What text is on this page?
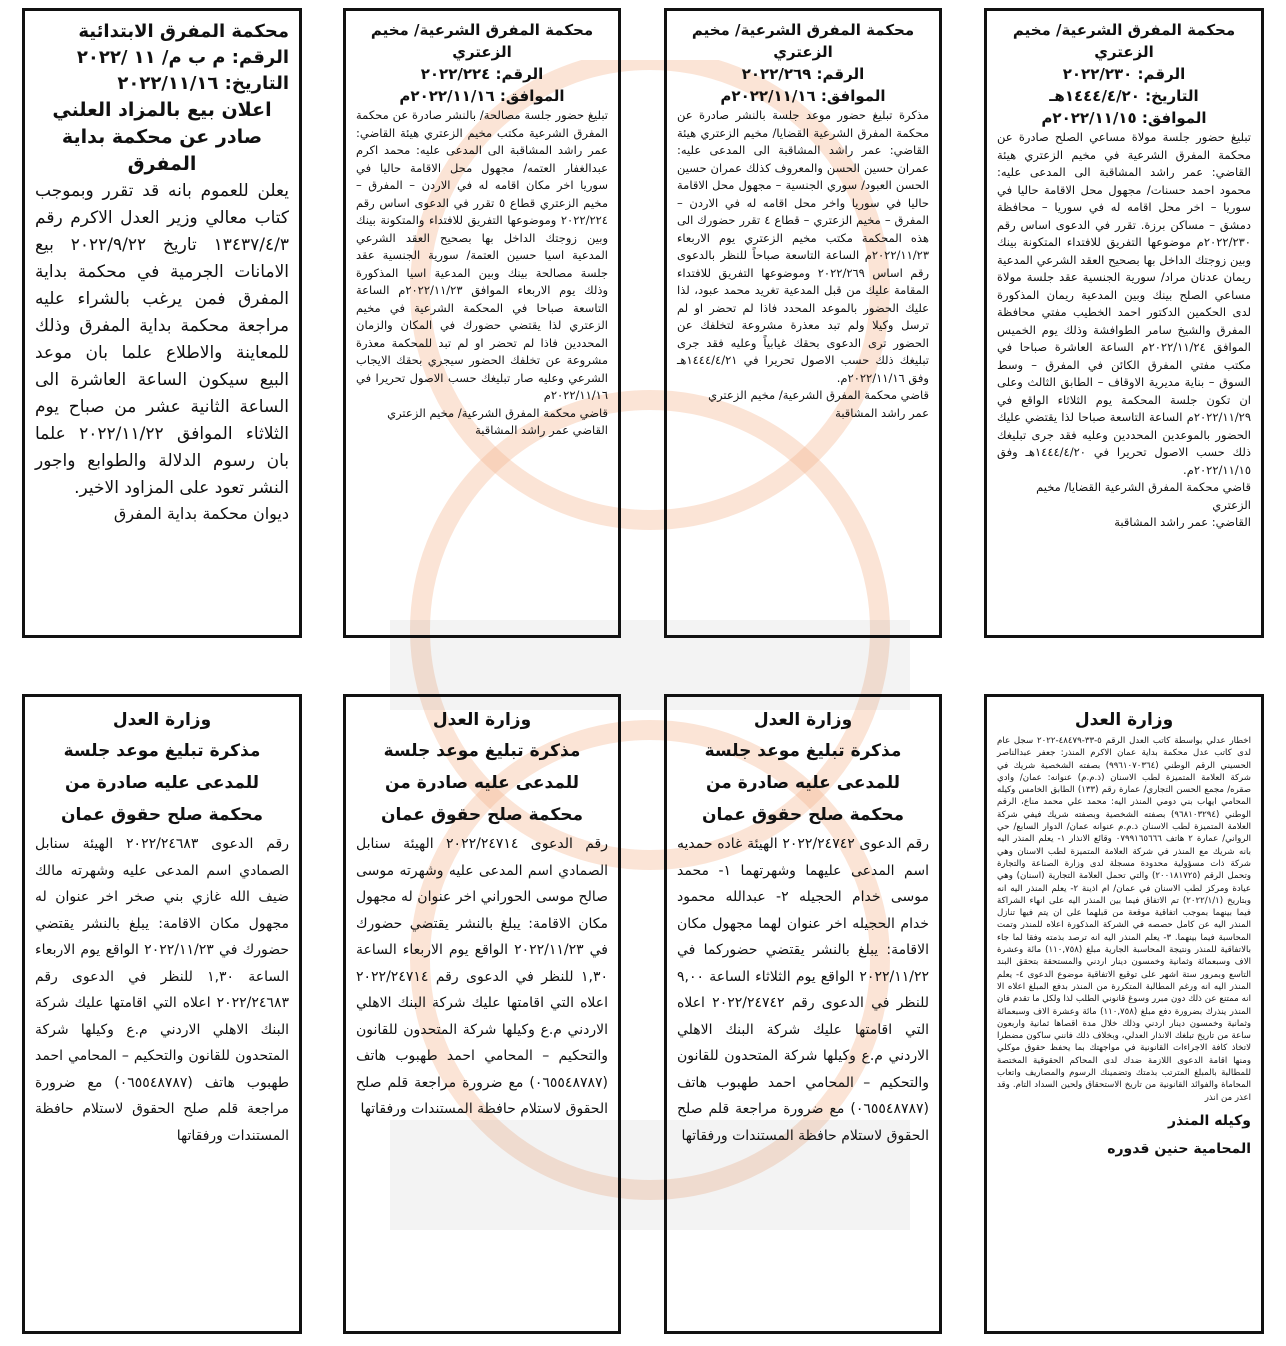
محكمة المفرق الابتدائية

الرقم: م ب م/ ١١ /٢٠٢٢

التاريخ: ٢٠٢٢/١١/١٦

اعلان بيع بالمزاد العلني

صادر عن محكمة بداية المفرق

يعلن للعموم بانه قد تقرر وبموجب كتاب معالي وزير العدل الاكرم رقم ١٣٤٣٧/٤/٣ تاريخ ٢٠٢٢/٩/٢٢ بيع الامانات الجرمية في محكمة بداية المفرق فمن يرغب بالشراء عليه مراجعة محكمة بداية المفرق وذلك للمعاينة والاطلاع علما بان موعد البيع سيكون الساعة العاشرة الى الساعة الثانية عشر من صباح يوم الثلاثاء الموافق ٢٠٢٢/١١/٢٢ علما بان رسوم الدلالة والطوابع واجور النشر تعود على المزاود الاخير.

ديوان محكمة بداية المفرق

محكمة المفرق الشرعية/ مخيم الزعتري

الرقم: ٢٠٢٢/٢٢٤

الموافق: ٢٠٢٢/١١/١٦م

تبليغ حضور جلسة مصالحة/ بالنشر صادرة عن محكمة المفرق الشرعية مكتب مخيم الزعتري هيئة القاضي: عمر راشد المشاقبة الى المدعى عليه: محمد اكرم عبدالغفار العتمه/ مجهول محل الاقامة حاليا في سوريا اخر مكان اقامه له في الاردن – المفرق – مخيم الزعتري قطاع ٥ تقرر في الدعوى اساس رقم ٢٠٢٢/٢٢٤ وموضوعها التفريق للافتداء والمتكونة بينك وبين زوجتك الداخل بها بصحيح العقد الشرعي المدعية اسيا حسين العتمة/ سورية الجنسية عقد جلسة مصالحة بينك وبين المدعية اسيا المذكورة وذلك يوم الاربعاء الموافق ٢٠٢٢/١١/٢٣م الساعة التاسعة صباحا في المحكمة الشرعية في مخيم الزعتري لذا يقتضي حضورك في المكان والزمان المحددين فاذا لم تحضر او لم تبد للمحكمة معذرة مشروعة عن تخلفك الحضور سيجري بحقك الايجاب الشرعي وعليه صار تبليغك حسب الاصول تحريرا في ٢٠٢٢/١١/١٦م

قاضي محكمة المفرق الشرعية/ مخيم الزعتري

القاضي عمر راشد المشاقبة

محكمة المفرق الشرعية/ مخيم الزعتري

الرقم: ٢٠٢٢/٢٦٩

الموافق: ٢٠٢٢/١١/١٦م

مذكرة تبليغ حضور موعد جلسة بالنشر صادرة عن محكمة المفرق الشرعية القضايا/ مخيم الزعتري هيئة القاضي: عمر راشد المشاقبة الى المدعى عليه: عمران حسين الحسن والمعروف كذلك عمران حسين الحسن العبود/ سوري الجنسية – مجهول محل الاقامة حاليا في سوريا واخر محل اقامه له في الاردن – المفرق – مخيم الزعتري – قطاع ٤ تقرر حضورك الى هذه المحكمة مكتب مخيم الزعتري يوم الاربعاء ٢٠٢٢/١١/٢٣م الساعة التاسعة صباحاً للنظر بالدعوى رقم اساس ٢٠٢٢/٢٦٩ وموضوعها التفريق للافتداء المقامة عليك من قبل المدعية تغريد محمد عبود، لذا عليك الحضور بالموعد المحدد فاذا لم تحضر او لم ترسل وكيلا ولم تبد معذرة مشروعة لتخلفك عن الحضور ترى الدعوى بحقك غيابياً وعليه فقد جرى تبليغك ذلك حسب الاصول تحريرا في ١٤٤٤/٤/٢١هـ وفق ٢٠٢٢/١١/١٦م.

قاضي محكمة المفرق الشرعية/ مخيم الزعتري

عمر راشد المشاقبة

محكمة المفرق الشرعية/ مخيم الزعتري

الرقم: ٢٠٢٢/٢٣٠

التاريخ: ١٤٤٤/٤/٢٠هـ

الموافق: ٢٠٢٢/١١/١٥م

تبليغ حضور جلسة مولاة مساعي الصلح صادرة عن محكمة المفرق الشرعية في مخيم الزعتري هيئة القاضي: عمر راشد المشاقبة الى المدعى عليه: محمود احمد حسنات/ مجهول محل الاقامة حاليا في سوريا – اخر محل اقامه له في سوريا – محافظة دمشق – مساكن برزة. تقرر في الدعوى اساس رقم ٢٠٢٢/٢٣٠م موضوعها التفريق للافتداء المتكونة بينك وبين زوجتك الداخل بها بصحيح العقد الشرعي المدعية ريمان عدنان مراد/ سورية الجنسية عقد جلسة مولاة مساعي الصلح بينك وبين المدعية ريمان المذكورة لدى الحكمين الدكتور احمد الخطيب مفتي محافظة المفرق والشيخ سامر الطوافشة وذلك يوم الخميس الموافق ٢٠٢٢/١١/٢٤م الساعة العاشرة صباحا في مكتب مفتي المفرق الكائن في المفرق – وسط السوق – بناية مديرية الاوقاف – الطابق الثالث وعلى ان تكون جلسة المحكمة يوم الثلاثاء الواقع في ٢٠٢٢/١١/٢٩م الساعة التاسعة صباحا لذا يقتضي عليك الحضور بالموعدين المحددين وعليه فقد جرى تبليغك ذلك حسب الاصول تحريرا في ١٤٤٤/٤/٢٠هـ وفق ٢٠٢٢/١١/١٥م.

قاضي محكمة المفرق الشرعية القضايا/ مخيم الزعتري

القاضي: عمر راشد المشاقبة

وزارة العدل

مذكرة تبليغ موعد جلسة للمدعى عليه صادرة من محكمة صلح حقوق عمان

رقم الدعوى ٢٠٢٢/٢٤٦٨٣ الهيئة سنابل الصمادي اسم المدعى عليه وشهرته مالك ضيف الله غازي بني صخر اخر عنوان له مجهول مكان الاقامة: يبلغ بالنشر يقتضي حضورك في ٢٠٢٢/١١/٢٣ الواقع يوم الاربعاء الساعة ١,٣٠ للنظر في الدعوى رقم ٢٠٢٢/٢٤٦٨٣ اعلاه التي اقامتها عليك شركة البنك الاهلي الاردني م.ع وكيلها شركة المتحدون للقانون والتحكيم – المحامي احمد طهبوب هاتف (٠٦٥٥٤٨٧٨٧) مع ضرورة مراجعة قلم صلح الحقوق لاستلام حافظة المستندات ورفقاتها

وزارة العدل

مذكرة تبليغ موعد جلسة للمدعى عليه صادرة من محكمة صلح حقوق عمان

رقم الدعوى ٢٠٢٢/٢٤٧١٤ الهيئة سنابل الصمادي اسم المدعى عليه وشهرته موسى صالح موسى الحوراني اخر عنوان له مجهول مكان الاقامة: يبلغ بالنشر يقتضي حضورك في ٢٠٢٢/١١/٢٣ الواقع يوم الاربعاء الساعة ١,٣٠ للنظر في الدعوى رقم ٢٠٢٢/٢٤٧١٤ اعلاه التي اقامتها عليك شركة البنك الاهلي الاردني م.ع وكيلها شركة المتحدون للقانون والتحكيم – المحامي احمد طهبوب هاتف (٠٦٥٥٤٨٧٨٧) مع ضرورة مراجعة قلم صلح الحقوق لاستلام حافظة المستندات ورفقاتها

وزارة العدل

مذكرة تبليغ موعد جلسة للمدعى عليه صادرة من محكمة صلح حقوق عمان

رقم الدعوى ٢٠٢٢/٢٤٧٤٢ الهيئة غاده حمديه اسم المدعى عليهما وشهرتهما ١- محمد موسى خدام الحجيله ٢- عبدالله محمود خدام الحجيله اخر عنوان لهما مجهول مكان الاقامة: يبلغ بالنشر يقتضي حضوركما في ٢٠٢٢/١١/٢٢ الواقع يوم الثلاثاء الساعة ٩,٠٠ للنظر في الدعوى رقم ٢٠٢٢/٢٤٧٤٢ اعلاه التي اقامتها عليك شركة البنك الاهلي الاردني م.ع وكيلها شركة المتحدون للقانون والتحكيم – المحامي احمد طهبوب هاتف (٠٦٥٥٤٨٧٨٧) مع ضرورة مراجعة قلم صلح الحقوق لاستلام حافظة المستندات ورفقاتها

وزارة العدل

اخطار عدلي بواسطة كاتب العدل الرقم ٥-٣٣-٤٨٤٧٩-٢٠٢٢ سجل عام لدى كاتب عدل محكمة بداية عمان الاكرم المنذر: جعفر عبدالناصر الحسيني الرقم الوطني (٩٩٦١٠٧٠٣٦٤) بصفته الشخصية شريك في شركة العلامة المتميزة لطب الاسنان (ذ.م.م) عنوانه: عمان/ وادي صقره/ مجمع الحسن التجاري/ عمارة رقم (١٣٣) الطابق الخامس وكيله المحامي ايهاب بني دومي المنذر اليه: محمد علي محمد مناع، الرقم الوطني (٩٦٨١٠٣٢٩٤) بصفته الشخصية وبصفته شريك فيفي شركة العلامة المتميزة لطب الاسنان ذ.م.م عنوانه عمان/ الدوار السابع/ حي الرواني/ عمارة ٢ هاتف ٠٧٩٩١٦٥٦٦٦ وقائع الانذار ١- يعلم المنذر اليه بانه شريك مع المنذر في شركة العلامة المتميزة لطب الاسنان وهي شركة ذات مسؤولية محدودة مسجلة لدى وزارة الصناعة والتجارة وتحمل الرقم (٢٠٠١٨١٧٢٥) والتي تحمل العلامة التجارية (اسنان) وهي عيادة ومركز لطب الاسنان في عمان/ ام اذينة ٢- يعلم المنذر اليه انه وبتاريخ (٢٠٢٢/١/١) تم الاتفاق فيما بين المنذر اليه على انهاء الشراكة فيما بينهما بموجب اتفاقية موقعة من قبلهما على ان يتم فيها تنازل المنذر اليه عن كامل حصصه في الشركة المذكورة اعلاه للمنذر وتمت المحاسبة فيما بينهما. ٣- يعلم المنذر اليه انه ترصد بذمته وفقا لما جاء بالاتفاقية للمنذر ونتيجة المحاسبة الجارية مبلغ (١١٠,٧٥٨) مائة وعشرة الاف وسبعمائة وثمانية وخمسون دينار اردني والمستحقة بتحقق البند التاسع وبمرور ستة اشهر على توقيع الاتفاقية موضوع الدعوى ٤- يعلم المنذر اليه انه ورغم المطالبة المتكررة من المنذر بدفع المبلغ اعلاه الا انه ممتنع عن ذلك دون مبرر وسوغ قانوني الطلب لذا ولكل ما تقدم فان المنذر ينذرك بضرورة دفع مبلغ (١١٠,٧٥٨) مائة وعشرة الاف وسبعمائة وثمانية وخمسون دينار اردني وذلك خلال مدة اقصاها ثمانية واربعون ساعة من تاريخ تبلغك الانذار العدلي، وبخلاف ذلك فانني ساكون مضطرا لاتخاذ كافة الاجراءات القانونية في مواجهتك بما يحفظ حقوق موكلي ومنها اقامة الدعوى اللازمة ضدك لدى المحاكم الحقوقية المختصة للمطالبة بالمبلغ المترتب بذمتك وتضمينك الرسوم والمصاريف واتعاب المحاماة والفوائد القانونية من تاريخ الاستحقاق ولحين السداد التام. وقد اعذر من انذر

وكيله المنذر

المحامية حنين قدوره
